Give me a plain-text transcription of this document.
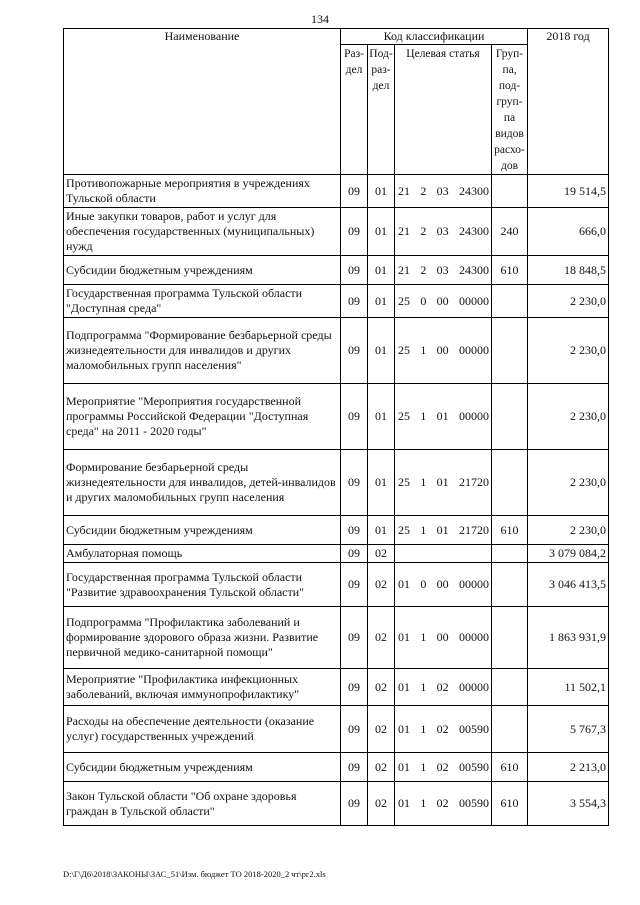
134
Наименование	Код классификации				2018 год
	Раз-дел	Под-раз-дел	Целевая статья	Груп-па, под-груп-па видов расхо-дов	
Противопожарные мероприятия в учреждениях Тульской области	09	01	21 2 03 24300		19 514,5
Иные закупки товаров, работ и услуг для обеспечения государственных (муниципальных) нужд	09	01	21 2 03 24300	240	666,0
Субсидии бюджетным учреждениям	09	01	21 2 03 24300	610	18 848,5
Государственная программа Тульской области "Доступная среда"	09	01	25 0 00 00000		2 230,0
Подпрограмма "Формирование безбарьерной среды жизнедеятельности для инвалидов и других маломобильных групп населения"	09	01	25 1 00 00000		2 230,0
Мероприятие "Мероприятия государственной программы Российской Федерации "Доступная среда" на 2011 - 2020 годы"	09	01	25 1 01 00000		2 230,0
Формирование безбарьерной среды жизнедеятельности для инвалидов, детей-инвалидов и других маломобильных групп населения	09	01	25 1 01 21720		2 230,0
Субсидии бюджетным учреждениям	09	01	25 1 01 21720	610	2 230,0
Амбулаторная помощь	09	02			3 079 084,2
Государственная программа Тульской области "Развитие здравоохранения Тульской области"	09	02	01 0 00 00000		3 046 413,5
Подпрограмма "Профилактика заболеваний и формирование здорового образа жизни. Развитие первичной медико-санитарной помощи"	09	02	01 1 00 00000		1 863 931,9
Мероприятие "Профилактика инфекционных заболеваний, включая иммунопрофилактику"	09	02	01 1 02 00000		11 502,1
Расходы на обеспечение деятельности (оказание услуг) государственных учреждений	09	02	01 1 02 00590		5 767,3
Субсидии бюджетным учреждениям	09	02	01 1 02 00590	610	2 213,0
Закон Тульской области "Об охране здоровья граждан в Тульской области"	09	02	01 1 02 00590	610	3 554,3
D:\Г\Д6\2018\ЗАКОНЫ\ЗАС_51\Изм. бюджет ТО 2018-2020_2 чт\рг2.xls
